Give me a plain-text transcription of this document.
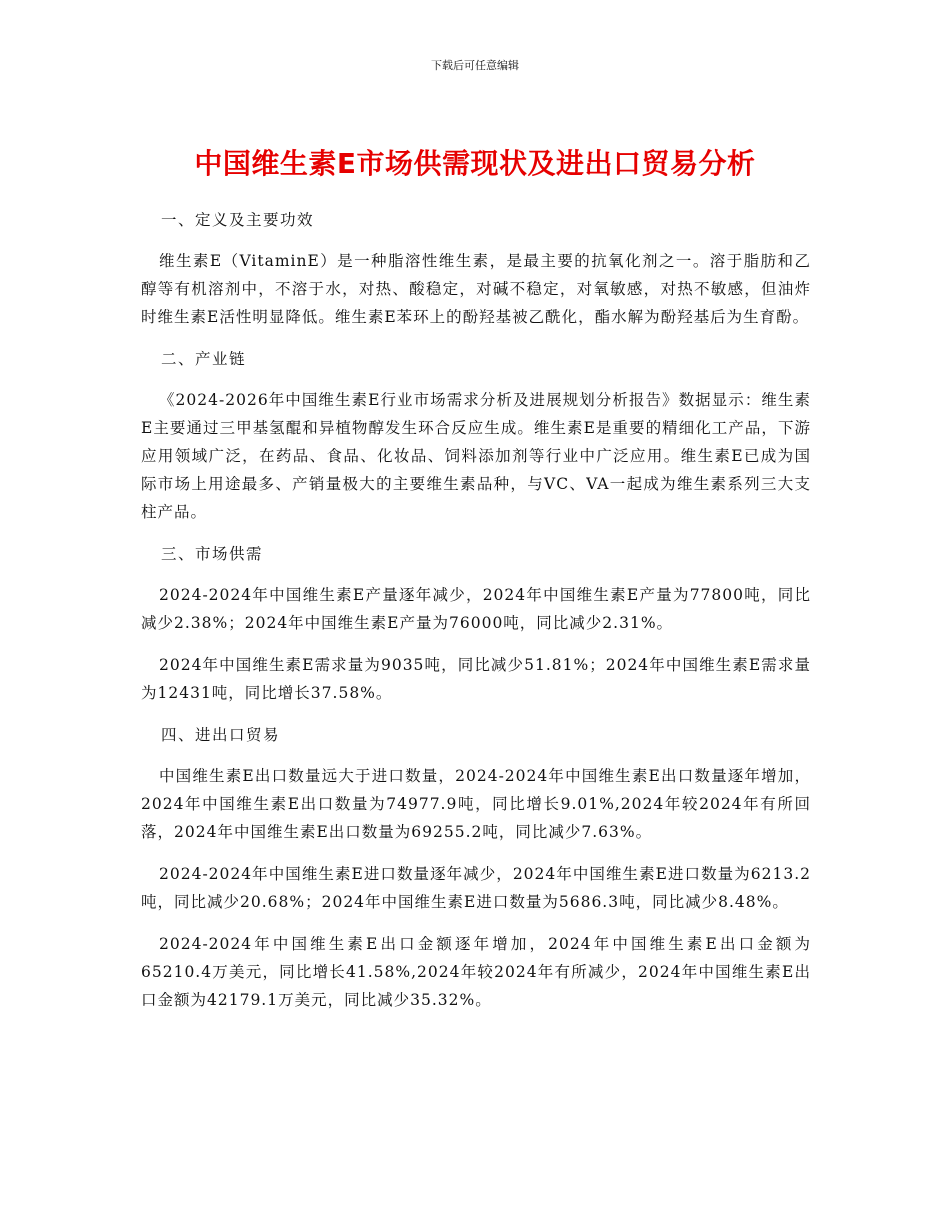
下载后可任意编辑
中国维生素E市场供需现状及进出口贸易分析
一、定义及主要功效

维生素E（VitaminE）是一种脂溶性维生素，是最主要的抗氧化剂之一。溶于脂肪和乙醇等有机溶剂中，不溶于水，对热、酸稳定，对碱不稳定，对氧敏感，对热不敏感，但油炸时维生素E活性明显降低。维生素E苯环上的酚羟基被乙酰化，酯水解为酚羟基后为生育酚。

二、产业链

《2024-2026年中国维生素E行业市场需求分析及进展规划分析报告》数据显示：维生素E主要通过三甲基氢醌和异植物醇发生环合反应生成。维生素E是重要的精细化工产品，下游应用领域广泛，在药品、食品、化妆品、饲料添加剂等行业中广泛应用。维生素E已成为国际市场上用途最多、产销量极大的主要维生素品种，与VC、VA一起成为维生素系列三大支柱产品。

三、市场供需

2024-2024年中国维生素E产量逐年减少，2024年中国维生素E产量为77800吨，同比减少2.38%；2024年中国维生素E产量为76000吨，同比减少2.31%。

2024年中国维生素E需求量为9035吨，同比减少51.81%；2024年中国维生素E需求量为12431吨，同比增长37.58%。

四、进出口贸易

中国维生素E出口数量远大于进口数量，2024-2024年中国维生素E出口数量逐年增加，2024年中国维生素E出口数量为74977.9吨，同比增长9.01%,2024年较2024年有所回落，2024年中国维生素E出口数量为69255.2吨，同比减少7.63%。

2024-2024年中国维生素E进口数量逐年减少，2024年中国维生素E进口数量为6213.2吨，同比减少20.68%；2024年中国维生素E进口数量为5686.3吨，同比减少8.48%。

2024-2024年中国维生素E出口金额逐年增加，2024年中国维生素E出口金额为65210.4万美元，同比增长41.58%,2024年较2024年有所减少，2024年中国维生素E出口金额为42179.1万美元，同比减少35.32%。
